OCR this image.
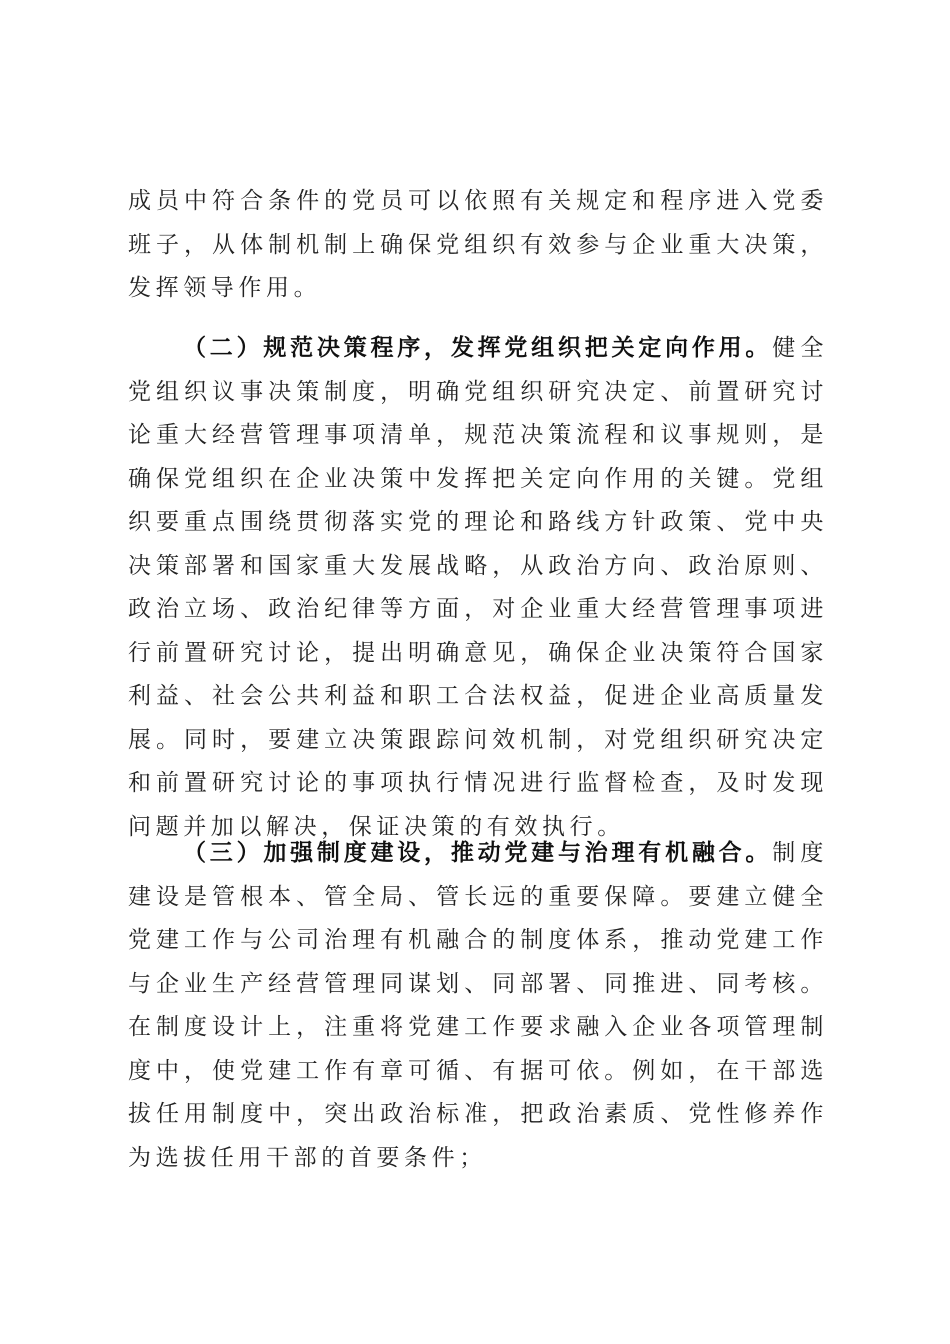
成员中符合条件的党员可以依照有关规定和程序进入党委班子，从体制机制上确保党组织有效参与企业重大决策，发挥领导作用。

（二）规范决策程序，发挥党组织把关定向作用。健全党组织议事决策制度，明确党组织研究决定、前置研究讨论重大经营管理事项清单，规范决策流程和议事规则，是确保党组织在企业决策中发挥把关定向作用的关键。党组织要重点围绕贯彻落实党的理论和路线方针政策、党中央决策部署和国家重大发展战略，从政治方向、政治原则、政治立场、政治纪律等方面，对企业重大经营管理事项进行前置研究讨论，提出明确意见，确保企业决策符合国家利益、社会公共利益和职工合法权益，促进企业高质量发展。同时，要建立决策跟踪问效机制，对党组织研究决定和前置研究讨论的事项执行情况进行监督检查，及时发现问题并加以解决，保证决策的有效执行。

（三）加强制度建设，推动党建与治理有机融合。制度建设是管根本、管全局、管长远的重要保障。要建立健全党建工作与公司治理有机融合的制度体系，推动党建工作与企业生产经营管理同谋划、同部署、同推进、同考核。在制度设计上，注重将党建工作要求融入企业各项管理制度中，使党建工作有章可循、有据可依。例如，在干部选拔任用制度中，突出政治标准，把政治素质、党性修养作为选拔任用干部的首要条件；
